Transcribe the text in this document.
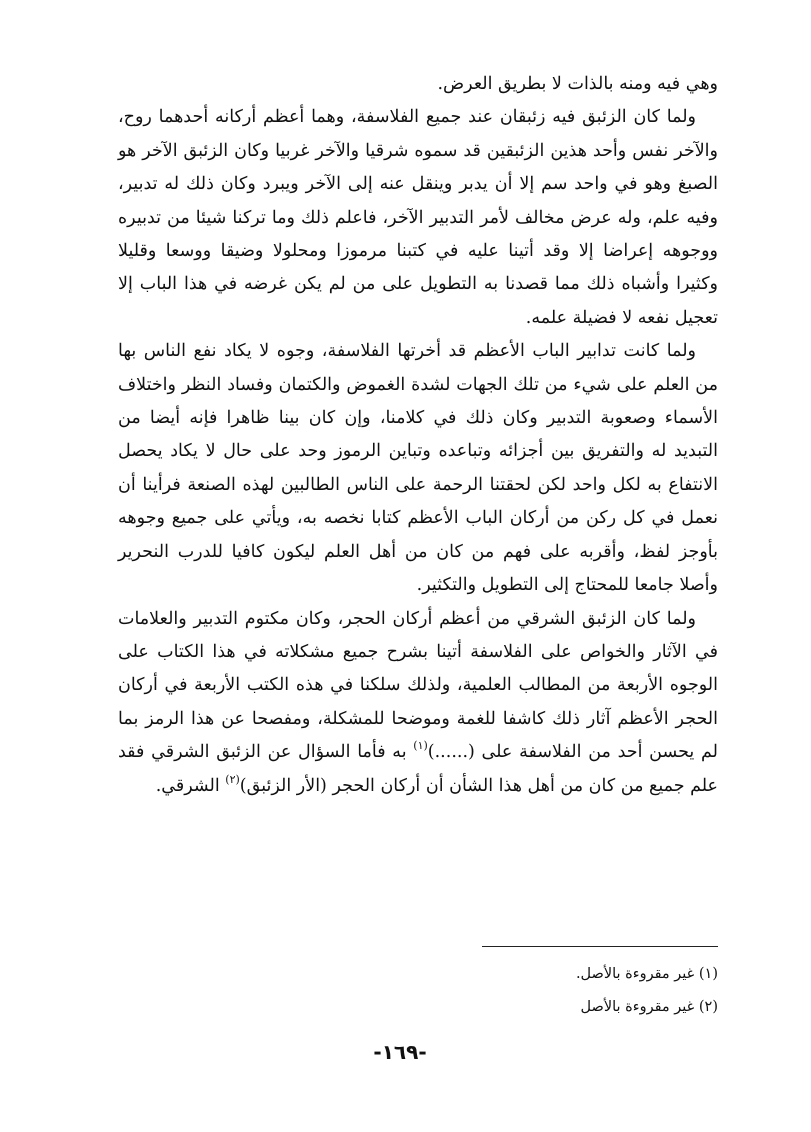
وهي فيه ومنه بالذات لا بطريق العرض.

ولما كان الزئبق فيه زئبقان عند جميع الفلاسفة، وهما أعظم أركانه أحدهما روح، والآخر نفس وأحد هذين الزئبقين قد سموه شرقيا والآخر غربيا وكان الزئبق الآخر هو الصبغ وهو في واحد سم إلا أن يدبر وينقل عنه إلى الآخر ويبرد وكان ذلك له تدبير، وفيه علم، وله عرض مخالف لأمر التدبير الآخر، فاعلم ذلك وما تركنا شيئا من تدبيره ووجوهه إعراضا إلا وقد أتينا عليه في كتبنا مرموزا ومحلولا وضيقا ووسعا وقليلا وكثيرا وأشباه ذلك مما قصدنا به التطويل على من لم يكن غرضه في هذا الباب إلا تعجيل نفعه لا فضيلة علمه.

ولما كانت تدابير الباب الأعظم قد أخرتها الفلاسفة، وجوه لا يكاد نفع الناس بها من العلم على شيء من تلك الجهات لشدة الغموض والكتمان وفساد النظر واختلاف الأسماء وصعوبة التدبير وكان ذلك في كلامنا، وإن كان بينا ظاهرا فإنه أيضا من التبديد له والتفريق بين أجزائه وتباعده وتباين الرموز وحد على حال لا يكاد يحصل الانتفاع به لكل واحد لكن لحقتنا الرحمة على الناس الطالبين لهذه الصنعة فرأينا أن نعمل في كل ركن من أركان الباب الأعظم كتابا نخصه به، ويأتي على جميع وجوهه بأوجز لفظ، وأقربه على فهم من كان من أهل العلم ليكون كافيا للدرب النحرير وأصلا جامعا للمحتاج إلى التطويل والتكثير.

ولما كان الزئبق الشرقي من أعظم أركان الحجر، وكان مكتوم التدبير والعلامات في الآثار والخواص على الفلاسفة أتينا بشرح جميع مشكلاته في هذا الكتاب على الوجوه الأربعة من المطالب العلمية، ولذلك سلكنا في هذه الكتب الأربعة في أركان الحجر الأعظم آثار ذلك كاشفا للغمة وموضحا للمشكلة، ومفصحا عن هذا الرمز بما لم يحسن أحد من الفلاسفة على (......)$^{(١)}$ به فأما السؤال عن الزئبق الشرقي فقد علم جميع من كان من أهل هذا الشأن أن أركان الحجر (الأر الزئبق)$^{(٢)}$ الشرقي.

(١) غير مقروءة بالأصل.

(٢) غير مقروءة بالأصل

-١٦٩-
